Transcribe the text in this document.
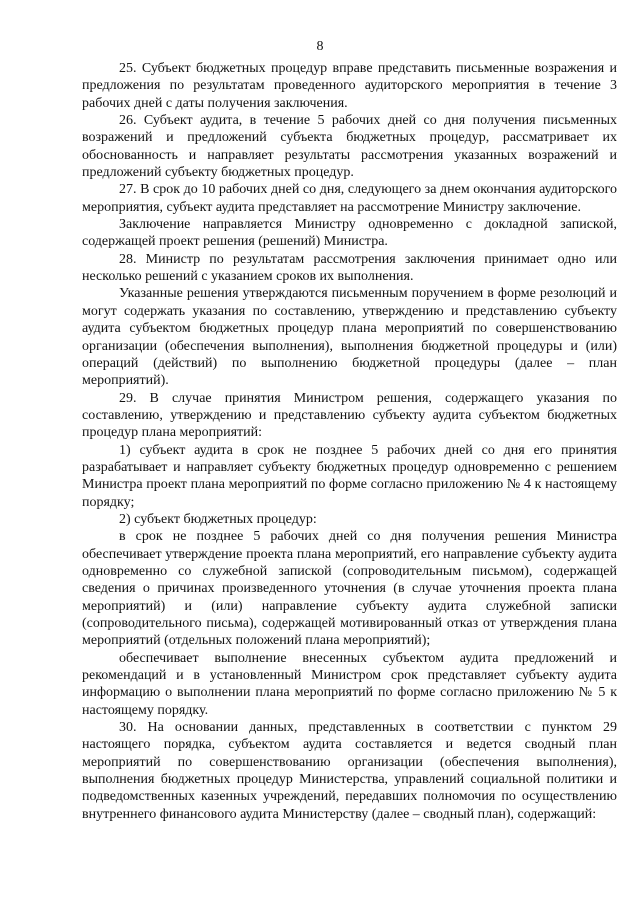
8

25. Субъект бюджетных процедур вправе представить письменные возражения и предложения по результатам проведенного аудиторского мероприятия в течение 3 рабочих дней с даты получения заключения.

26. Субъект аудита, в течение 5 рабочих дней со дня получения письменных возражений и предложений субъекта бюджетных процедур, рассматривает их обоснованность и направляет результаты рассмотрения указанных возражений и предложений субъекту бюджетных процедур.

27. В срок до 10 рабочих дней со дня, следующего за днем окончания аудиторского мероприятия, субъект аудита представляет на рассмотрение Министру заключение.

Заключение направляется Министру одновременно с докладной запиской, содержащей проект решения (решений) Министра.

28. Министр по результатам рассмотрения заключения принимает одно или несколько решений с указанием сроков их выполнения.

Указанные решения утверждаются письменным поручением в форме резолюций и могут содержать указания по составлению, утверждению и представлению субъекту аудита субъектом бюджетных процедур плана мероприятий по совершенствованию организации (обеспечения выполнения), выполнения бюджетной процедуры и (или) операций (действий) по выполнению бюджетной процедуры (далее – план мероприятий).

29. В случае принятия Министром решения, содержащего указания по составлению, утверждению и представлению субъекту аудита субъектом бюджетных процедур плана мероприятий:

1) субъект аудита в срок не позднее 5 рабочих дней со дня его принятия разрабатывает и направляет субъекту бюджетных процедур одновременно с решением Министра проект плана мероприятий по форме согласно приложению № 4 к настоящему порядку;

2) субъект бюджетных процедур:

в срок не позднее 5 рабочих дней со дня получения решения Министра обеспечивает утверждение проекта плана мероприятий, его направление субъекту аудита одновременно со служебной запиской (сопроводительным письмом), содержащей сведения о причинах произведенного уточнения (в случае уточнения проекта плана мероприятий) и (или) направление субъекту аудита служебной записки (сопроводительного письма), содержащей мотивированный отказ от утверждения плана мероприятий (отдельных положений плана мероприятий);

обеспечивает выполнение внесенных субъектом аудита предложений и рекомендаций и в установленный Министром срок представляет субъекту аудита информацию о выполнении плана мероприятий по форме согласно приложению № 5 к настоящему порядку.

30. На основании данных, представленных в соответствии с пунктом 29 настоящего порядка, субъектом аудита составляется и ведется сводный план мероприятий по совершенствованию организации (обеспечения выполнения), выполнения бюджетных процедур Министерства, управлений социальной политики и подведомственных казенных учреждений, передавших полномочия по осуществлению внутреннего финансового аудита Министерству (далее – сводный план), содержащий:
